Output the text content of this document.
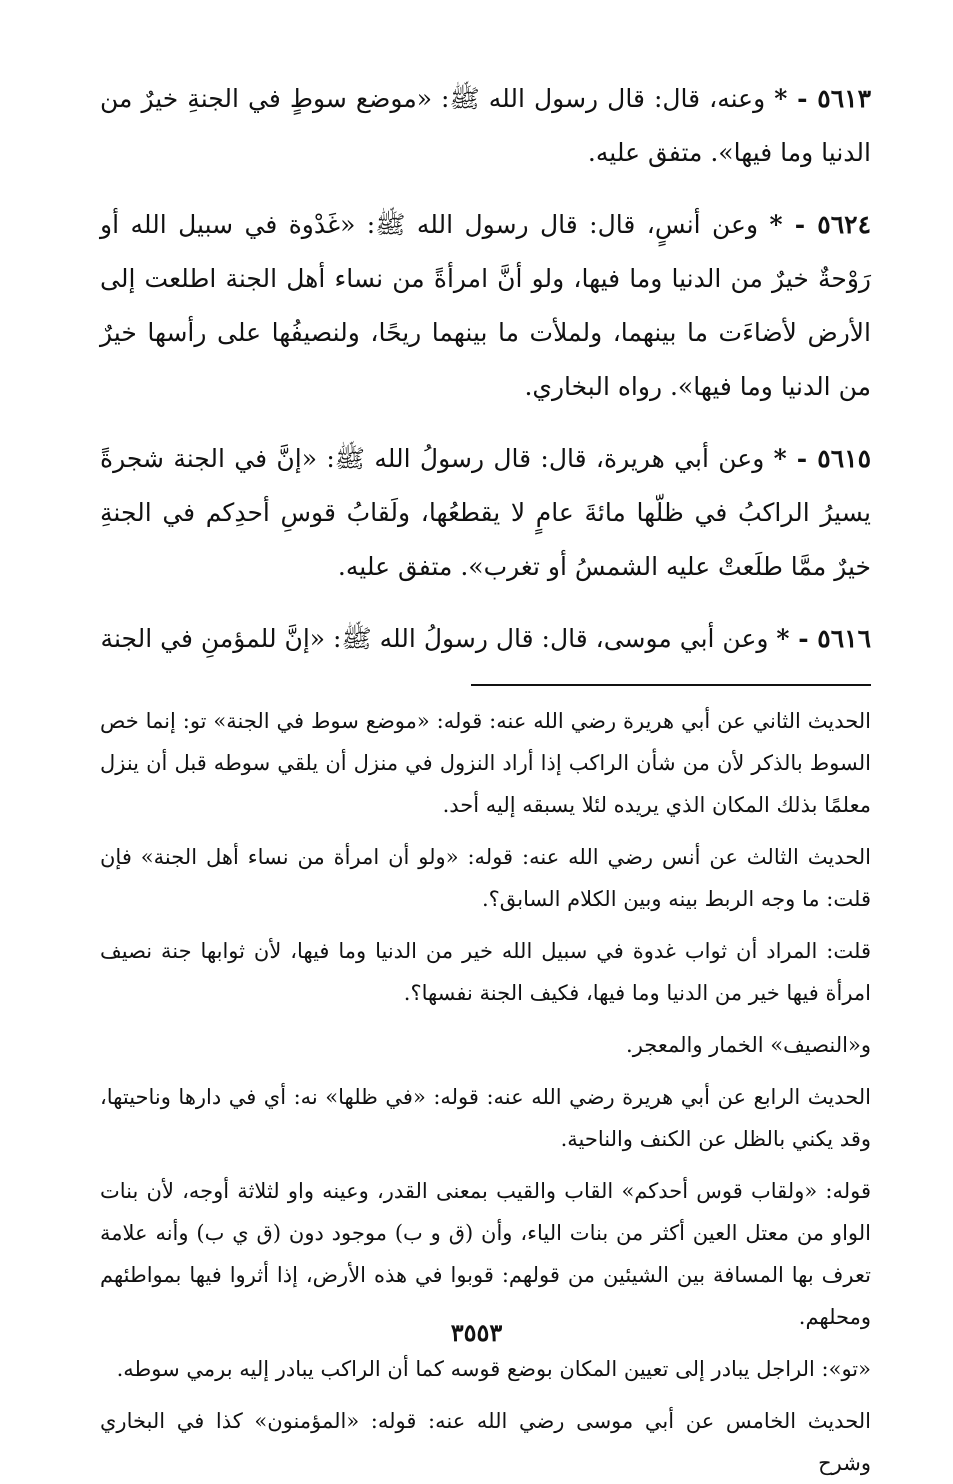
٥٦١٣ - * وعنه، قال: قال رسول الله ﷺ: «موضع سوطٍ في الجنةِ خيرٌ من الدنيا وما فيها». متفق عليه.

٥٦٢٤ - * وعن أنسٍ، قال: قال رسول الله ﷺ: «غَدْوة في سبيل الله أو رَوْحةٌ خيرٌ من الدنيا وما فيها، ولو أنَّ امرأةً من نساء أهل الجنة اطلعت إلى الأرض لأضاءَت ما بينهما، ولملأت ما بينهما ريحًا، ولنصيفُها على رأسها خيرٌ من الدنيا وما فيها». رواه البخاري.

٥٦١٥ - * وعن أبي هريرة، قال: قال رسولُ الله ﷺ: «إنَّ في الجنة شجرةً يسيرُ الراكبُ في ظلّها مائةَ عامٍ لا يقطعُها، ولَقابُ قوسِ أحدِكم في الجنةِ خيرٌ ممَّا طلَعتْ عليه الشمسُ أو تغرب». متفق عليه.

٥٦١٦ - * وعن أبي موسى، قال: قال رسولُ الله ﷺ: «إنَّ للمؤمنِ في الجنة

الحديث الثاني عن أبي هريرة رضي الله عنه: قوله: «موضع سوط في الجنة» تو: إنما خص السوط بالذكر لأن من شأن الراكب إذا أراد النزول في منزل أن يلقي سوطه قبل أن ينزل معلمًا بذلك المكان الذي يريده لئلا يسبقه إليه أحد.

الحديث الثالث عن أنس رضي الله عنه: قوله: «ولو أن امرأة من نساء أهل الجنة» فإن قلت: ما وجه الربط بينه وبين الكلام السابق؟.

قلت: المراد أن ثواب غدوة في سبيل الله خير من الدنيا وما فيها، لأن ثوابها جنة نصيف امرأة فيها خير من الدنيا وما فيها، فكيف الجنة نفسها؟.

و«النصيف» الخمار والمعجر.

الحديث الرابع عن أبي هريرة رضي الله عنه: قوله: «في ظلها» نه: أي في دارها وناحيتها، وقد يكني بالظل عن الكنف والناحية.

قوله: «ولقاب قوس أحدكم» القاب والقيب بمعنى القدر، وعينه واو لثلاثة أوجه، لأن بنات الواو من معتل العين أكثر من بنات الياء، وأن (ق و ب) موجود دون (ق ي ب) وأنه علامة تعرف بها المسافة بين الشيئين من قولهم: قوبوا في هذه الأرض، إذا أثروا فيها بمواطئهم ومحلهم.

«تو»: الراجل يبادر إلى تعيين المكان بوضع قوسه كما أن الراكب يبادر إليه برمي سوطه.

الحديث الخامس عن أبي موسى رضي الله عنه: قوله: «المؤمنون» كذا في البخاري وشرح

٣٥٥٣
